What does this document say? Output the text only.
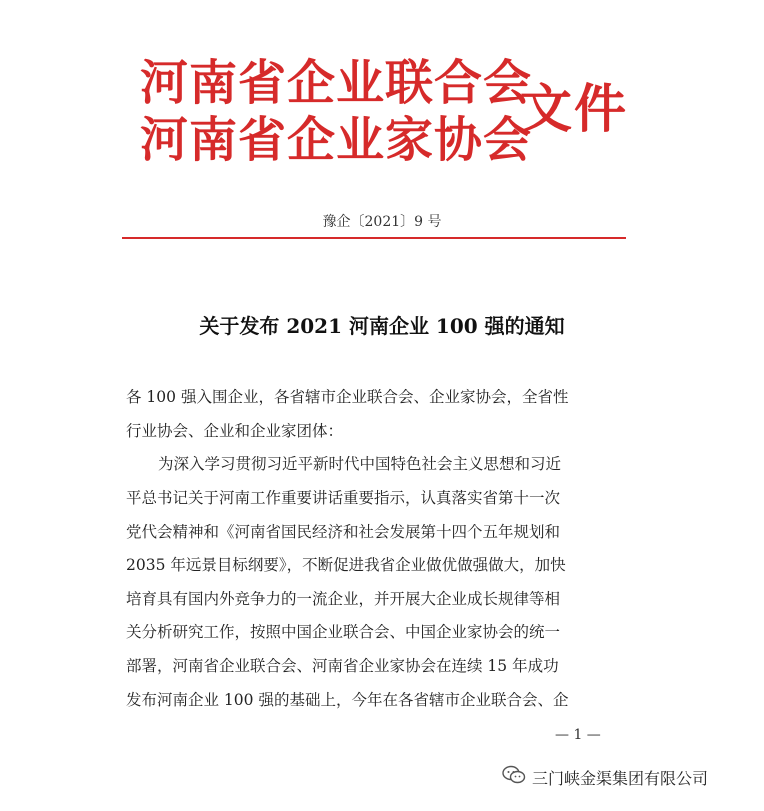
河南省企业联合会
河南省企业家协会
文件
豫企〔2021〕9 号
关于发布 2021 河南企业 100 强的通知
各 100 强入围企业，各省辖市企业联合会、企业家协会，全省性
行业协会、企业和企业家团体：
为深入学习贯彻习近平新时代中国特色社会主义思想和习近
平总书记关于河南工作重要讲话重要指示，认真落实省第十一次
党代会精神和《河南省国民经济和社会发展第十四个五年规划和
2035 年远景目标纲要》，不断促进我省企业做优做强做大，加快
培育具有国内外竞争力的一流企业，并开展大企业成长规律等相
关分析研究工作，按照中国企业联合会、中国企业家协会的统一
部署，河南省企业联合会、河南省企业家协会在连续 15 年成功
发布河南企业 100 强的基础上，今年在各省辖市企业联合会、企
— 1 —
三门峡金渠集团有限公司
